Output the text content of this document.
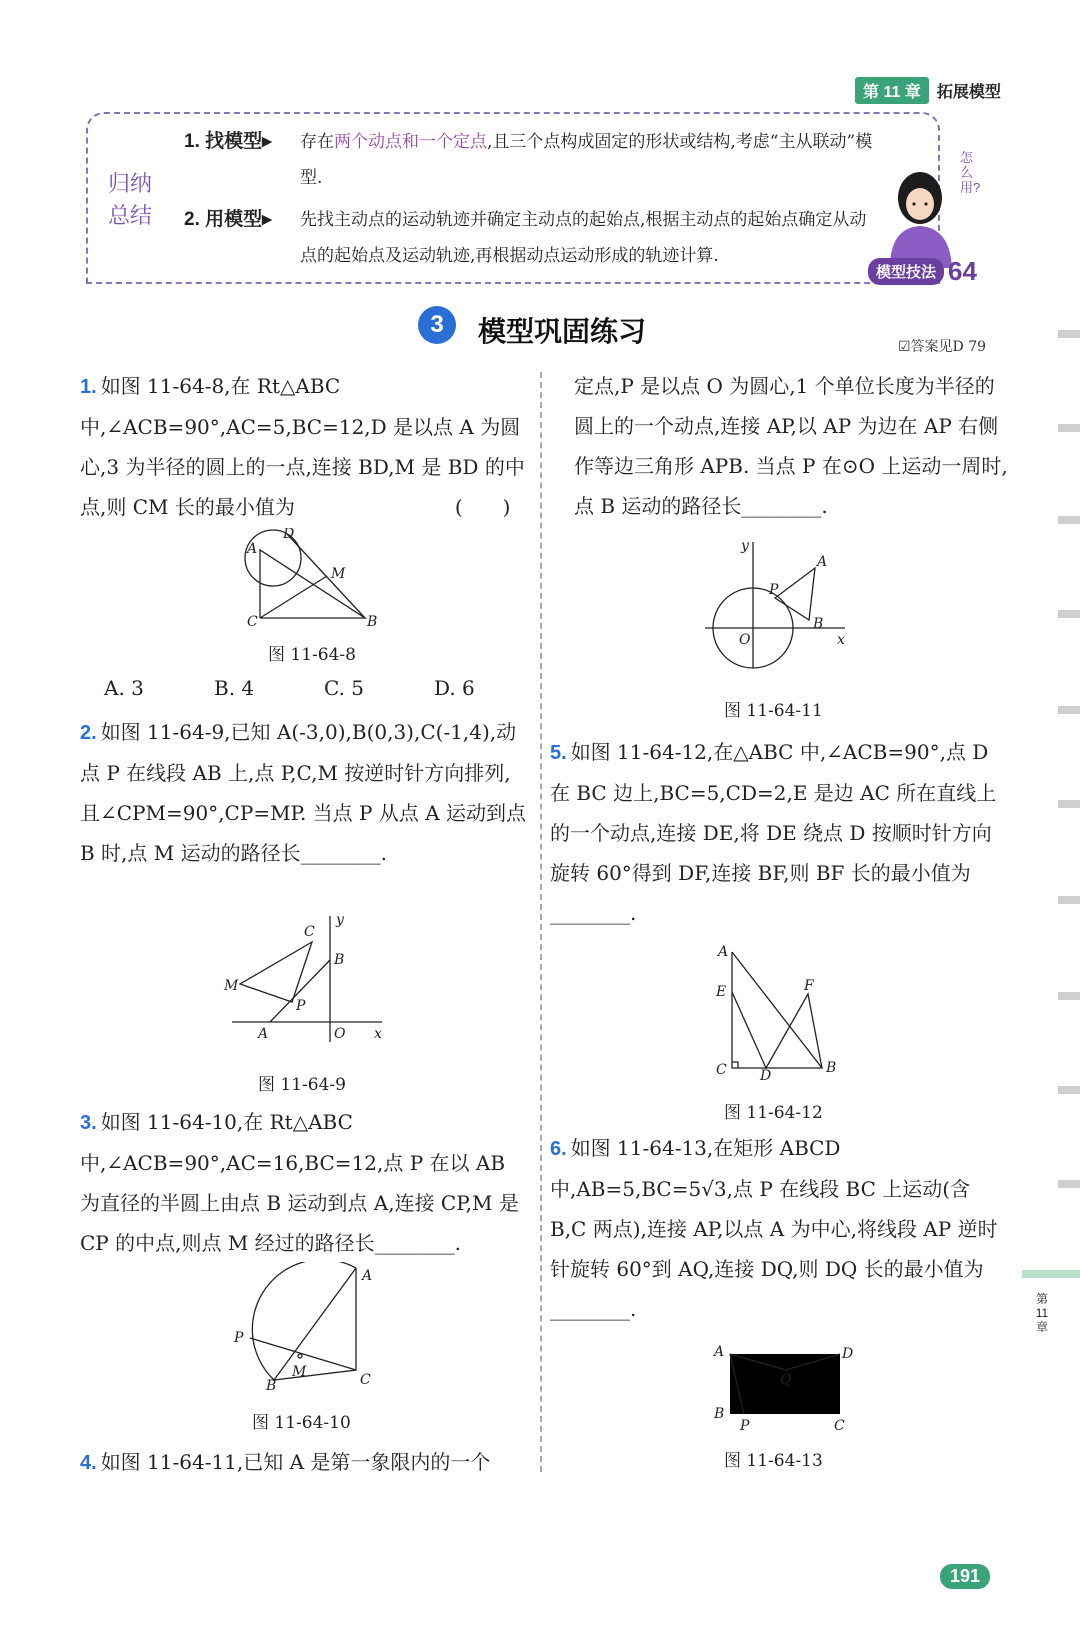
第 11 章	拓展模型
归纳
总结
1. 找模型▸ 存在两个动点和一个定点,且三个点构成固定的形状或结构,考虑“主从联动”模型.
2. 用模型▸ 先找主动点的运动轨迹并确定主动点的起始点,根据主动点的起始点确定从动点的起始点及运动轨迹,再根据动点运动形成的轨迹计算.
怎么用?
模型技法 64
3	模型巩固练习	☑答案见D 79
1. 如图 11-64-8,在 Rt△ABC 中,∠ACB=90°,AC=5,BC=12,D 是以点 A 为圆心,3 为半径的圆上的一点,连接 BD,M 是 BD 的中点,则 CM 长的最小值为　　　　　　　　(　　)
D
A
M
C	B
图 11-64-8
A. 3	B. 4	C. 5	D. 6
2. 如图 11-64-9,已知 A(-3,0),B(0,3),C(-1,4),动点 P 在线段 AB 上,点 P,C,M 按逆时针方向排列,且∠CPM=90°,CP=MP. 当点 P 从点 A 运动到点 B 时,点 M 运动的路径长________.
C
y
B
M
P
A	O x
图 11-64-9
3. 如图 11-64-10,在 Rt△ABC 中,∠ACB=90°,AC=16,BC=12,点 P 在以 AB 为直径的半圆上由点 B 运动到点 A,连接 CP,M 是 CP 的中点,则点 M 经过的路径长________.
A
P
M
B	C
图 11-64-10
4. 如图 11-64-11,已知 A 是第一象限内的一个
定点,P 是以点 O 为圆心,1 个单位长度为半径的圆上的一个动点,连接 AP,以 AP 为边在 AP 右侧作等边三角形 APB. 当点 P 在⊙O 上运动一周时,点 B 运动的路径长________.
y
A
P
B
O	x
图 11-64-11
5. 如图 11-64-12,在△ABC 中,∠ACB=90°,点 D 在 BC 边上,BC=5,CD=2,E 是边 AC 所在直线上的一个动点,连接 DE,将 DE 绕点 D 按顺时针方向旋转 60°得到 DF,连接 BF,则 BF 长的最小值为________.
A
E	F
C D	B
图 11-64-12
6. 如图 11-64-13,在矩形 ABCD 中,AB=5,BC=5√3,点 P 在线段 BC 上运动(含 B,C 两点),连接 AP,以点 A 为中心,将线段 AP 逆时针旋转 60°到 AQ,连接 DQ,则 DQ 长的最小值为________.
A	D
Q
B
P	C
图 11-64-13
第11章
191
